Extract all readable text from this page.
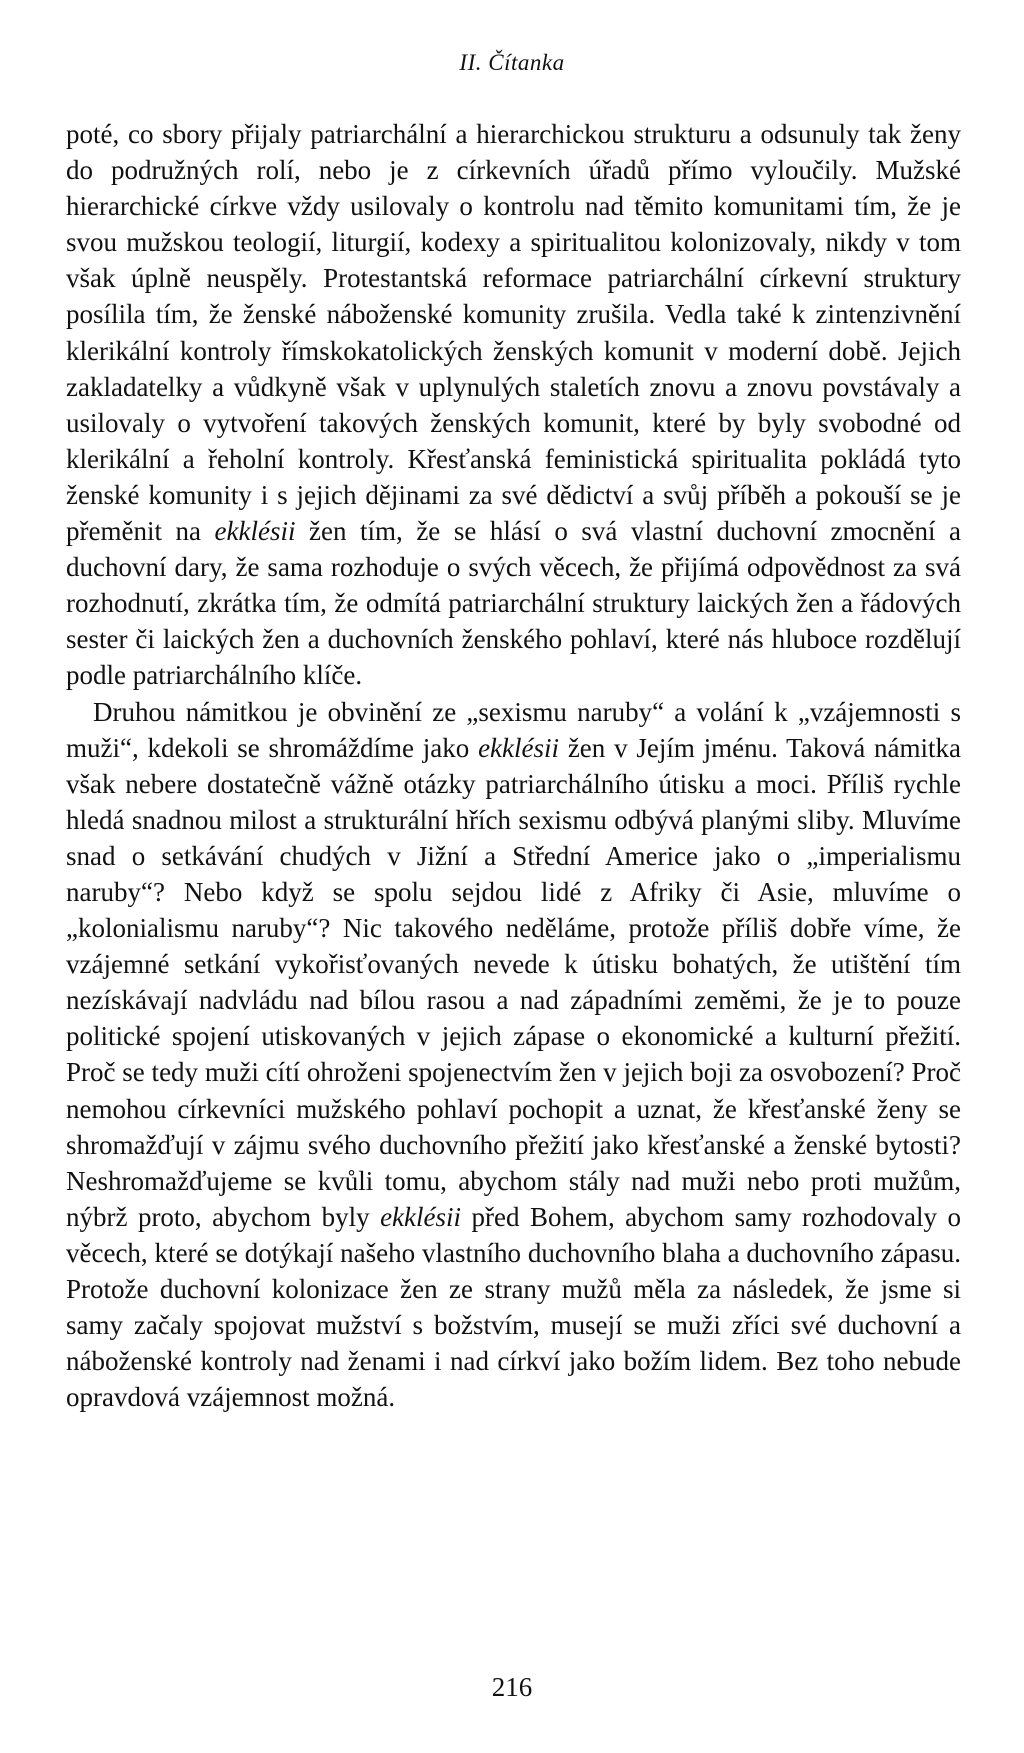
II. Čítanka

poté, co sbory přijaly patriarchální a hierarchickou strukturu a odsunuly tak ženy do podružných rolí, nebo je z církevních úřadů přímo vyloučily. Mužské hierarchické církve vždy usilovaly o kontrolu nad těmito komunitami tím, že je svou mužskou teologií, liturgií, kodexy a spiritualitou kolonizovaly, nikdy v tom však úplně neuspěly. Protestantská reformace patriarchální církevní struktury posílila tím, že ženské náboženské komunity zrušila. Vedla také k zintenzivnění klerikální kontroly římskokatolických ženských komunit v moderní době. Jejich zakladatelky a vůdkyně však v uplynulých staletích znovu a znovu povstávaly a usilovaly o vytvoření takových ženských komunit, které by byly svobodné od klerikální a řeholní kontroly. Křesťanská feministická spiritualita pokládá tyto ženské komunity i s jejich dějinami za své dědictví a svůj příběh a pokouší se je přeměnit na ekklésii žen tím, že se hlásí o svá vlastní duchovní zmocnění a duchovní dary, že sama rozhoduje o svých věcech, že přijímá odpovědnost za svá rozhodnutí, zkrátka tím, že odmítá patriarchální struktury laických žen a řádových sester či laických žen a duchovních ženského pohlaví, které nás hluboce rozdělují podle patriarchálního klíče.

Druhou námitkou je obvinění ze „sexismu naruby“ a volání k „vzájemnosti s muži“, kdekoli se shromáždíme jako ekklésii žen v Jejím jménu. Taková námitka však nebere dostatečně vážně otázky patriarchálního útisku a moci. Příliš rychle hledá snadnou milost a strukturální hřích sexismu odbývá planými sliby. Mluvíme snad o setkávání chudých v Jižní a Střední Americe jako o „imperialismu naruby“? Nebo když se spolu sejdou lidé z Afriky či Asie, mluvíme o „kolonialismu naruby“? Nic takového neděláme, protože příliš dobře víme, že vzájemné setkání vykořisťovaných nevede k útisku bohatých, že utištění tím nezískávají nadvládu nad bílou rasou a nad západními zeměmi, že je to pouze politické spojení utiskovaných v jejich zápase o ekonomické a kulturní přežití. Proč se tedy muži cítí ohroženi spojenectvím žen v jejich boji za osvobození? Proč nemohou církevníci mužského pohlaví pochopit a uznat, že křesťanské ženy se shromažďují v zájmu svého duchovního přežití jako křesťanské a ženské bytosti? Neshromažďujeme se kvůli tomu, abychom stály nad muži nebo proti mužům, nýbrž proto, abychom byly ekklésii před Bohem, abychom samy rozhodovaly o věcech, které se dotýkají našeho vlastního duchovního blaha a duchovního zápasu. Protože duchovní kolonizace žen ze strany mužů měla za následek, že jsme si samy začaly spojovat mužství s božstvím, musejí se muži zříci své duchovní a náboženské kontroly nad ženami i nad církví jako božím lidem. Bez toho nebude opravdová vzájemnost možná.

216
